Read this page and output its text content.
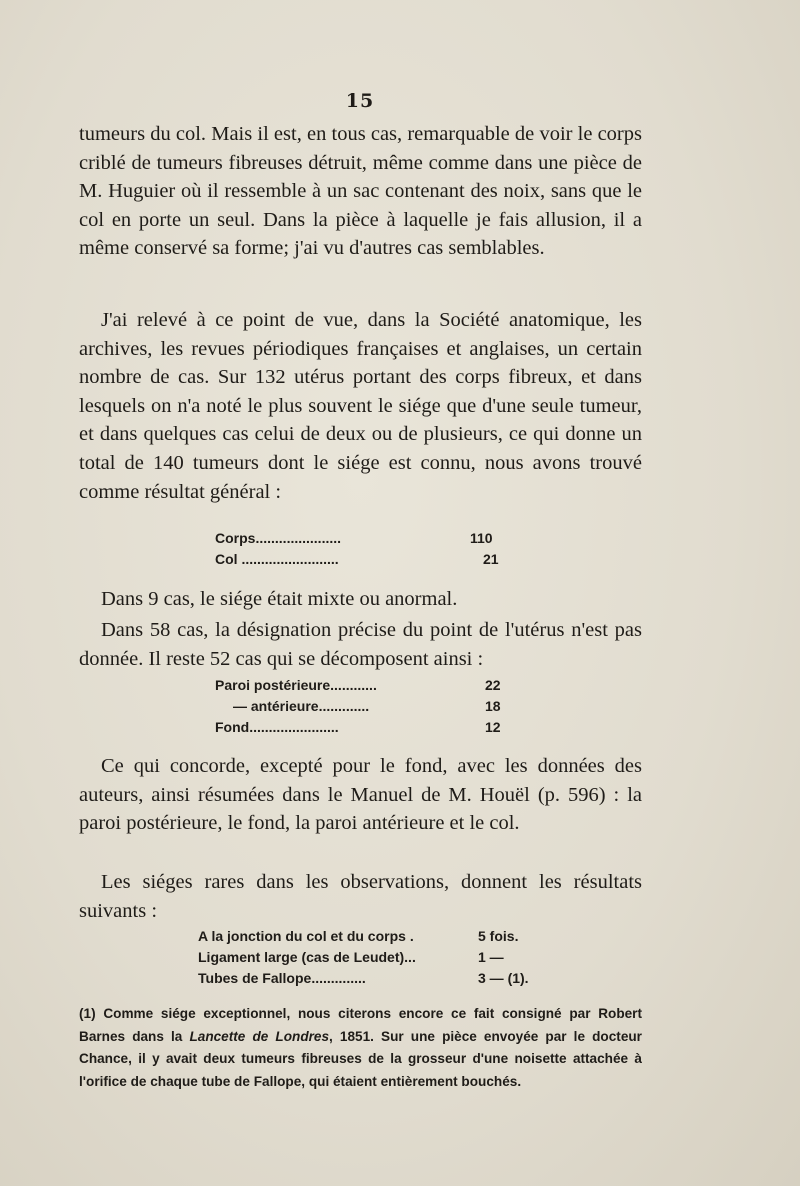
15

tumeurs du col. Mais il est, en tous cas, remarquable de voir le corps criblé de tumeurs fibreuses détruit, même comme dans une pièce de M. Huguier où il ressemble à un sac contenant des noix, sans que le col en porte un seul. Dans la pièce à laquelle je fais allusion, il a même conservé sa forme; j'ai vu d'autres cas semblables.

J'ai relevé à ce point de vue, dans la Société anatomique, les archives, les revues périodiques françaises et anglaises, un certain nombre de cas. Sur 132 utérus portant des corps fibreux, et dans lesquels on n'a noté le plus souvent le siége que d'une seule tumeur, et dans quelques cas celui de deux ou de plusieurs, ce qui donne un total de 140 tumeurs dont le siége est connu, nous avons trouvé comme résultat général :

Corps......................	110
Col .........................	21

Dans 9 cas, le siége était mixte ou anormal.

Dans 58 cas, la désignation précise du point de l'utérus n'est pas donnée. Il reste 52 cas qui se décomposent ainsi :

Paroi postérieure............	22
— antérieure.............	18
Fond.......................	12

Ce qui concorde, excepté pour le fond, avec les données des auteurs, ainsi résumées dans le Manuel de M. Houël (p. 596) : la paroi postérieure, le fond, la paroi antérieure et le col.

Les siéges rares dans les observations, donnent les résultats suivants :

A la jonction du col et du corps .	5 fois.
Ligament large (cas de Leudet)...	1 —
Tubes de Fallope..............	3 — (1).

(1) Comme siége exceptionnel, nous citerons encore ce fait consigné par Robert Barnes dans la Lancette de Londres, 1851. Sur une pièce envoyée par le docteur Chance, il y avait deux tumeurs fibreuses de la grosseur d'une noisette attachée à l'orifice de chaque tube de Fallope, qui étaient entièrement bouchés.
